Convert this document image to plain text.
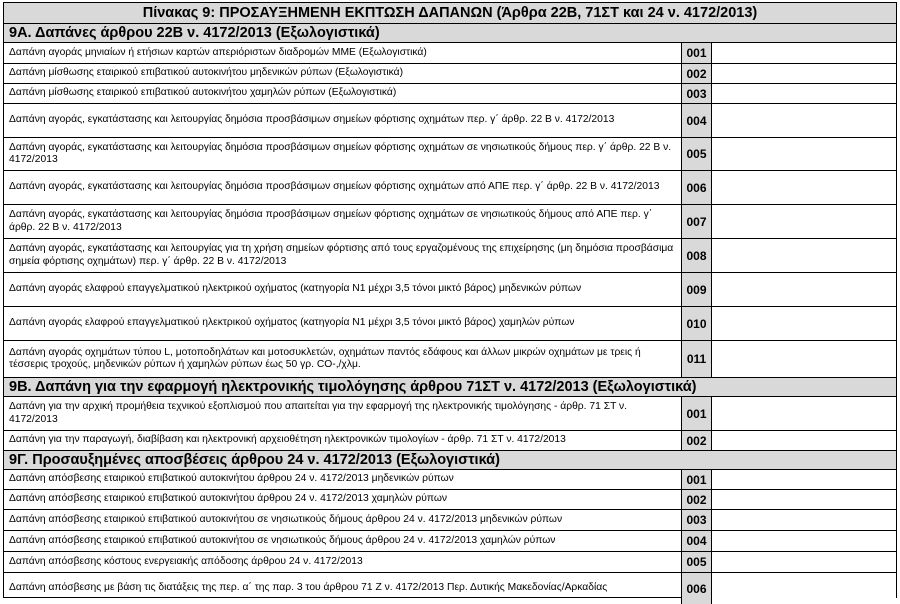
Πίνακας 9: ΠΡΟΣΑΥΞΗΜΕΝΗ ΕΚΠΤΩΣΗ ΔΑΠΑΝΩΝ (Άρθρα 22Β, 71ΣΤ και 24 ν. 4172/2013)
9Α. Δαπάνες άρθρου 22Β ν. 4172/2013 (Εξωλογιστικά)
Δαπάνη αγοράς μηνιαίων ή ετήσιων καρτών απεριόριστων διαδρομών ΜΜΕ (Εξωλογιστικά)	001
Δαπάνη μίσθωσης εταιρικού επιβατικού αυτοκινήτου μηδενικών ρύπων (Εξωλογιστικά)	002
Δαπάνη μίσθωσης εταιρικού επιβατικού αυτοκινήτου χαμηλών ρύπων (Εξωλογιστικά)	003
Δαπάνη αγοράς, εγκατάστασης και λειτουργίας δημόσια προσβάσιμων σημείων φόρτισης οχημάτων περ. γ΄ άρθρ. 22 Β ν. 4172/2013	004
Δαπάνη αγοράς, εγκατάστασης και λειτουργίας δημόσια προσβάσιμων σημείων φόρτισης οχημάτων σε νησιωτικούς δήμους περ. γ΄ άρθρ. 22 Β ν. 4172/2013	005
Δαπάνη αγοράς, εγκατάστασης και λειτουργίας δημόσια προσβάσιμων σημείων φόρτισης οχημάτων από ΑΠΕ περ. γ΄ άρθρ. 22 Β ν. 4172/2013	006
Δαπάνη αγοράς, εγκατάστασης και λειτουργίας δημόσια προσβάσιμων σημείων φόρτισης οχημάτων σε νησιωτικούς δήμους από ΑΠΕ περ. γ΄ άρθρ. 22 Β ν. 4172/2013	007
Δαπάνη αγοράς, εγκατάστασης και λειτουργίας για τη χρήση σημείων φόρτισης από τους εργαζομένους της επιχείρησης (μη δημόσια προσβάσιμα σημεία φόρτισης οχημάτων) περ. γ΄ άρθρ. 22 Β ν. 4172/2013	008
Δαπάνη αγοράς ελαφρού επαγγελματικού ηλεκτρικού οχήματος (κατηγορία Ν1 μέχρι 3,5 τόνοι μικτό βάρος) μηδενικών ρύπων	009
Δαπάνη αγοράς ελαφρού επαγγελματικού ηλεκτρικού οχήματος (κατηγορία Ν1 μέχρι 3,5 τόνοι μικτό βάρος) χαμηλών ρύπων	010
Δαπάνη αγοράς οχημάτων τύπου L, μοτοποδηλάτων και μοτοσυκλετών, οχημάτων παντός εδάφους και άλλων μικρών οχημάτων με τρεις ή τέσσερις τροχούς, μηδενικών ρύπων ή χαμηλών ρύπων έως 50 γρ. CO-,/χλμ.	011
9Β. Δαπάνη για την εφαρμογή ηλεκτρονικής τιμολόγησης άρθρου 71ΣΤ ν. 4172/2013 (Εξωλογιστικά)
Δαπάνη για την αρχική προμήθεια τεχνικού εξοπλισμού που απαιτείται για την εφαρμογή της ηλεκτρονικής τιμολόγησης - άρθρ. 71 ΣΤ ν. 4172/2013	001
Δαπάνη για την παραγωγή, διαβίβαση και ηλεκτρονική αρχειοθέτηση ηλεκτρονικών τιμολογίων - άρθρ. 71 ΣΤ ν. 4172/2013	002
9Γ. Προσαυξημένες αποσβέσεις άρθρου 24 ν. 4172/2013 (Εξωλογιστικά)
Δαπάνη απόσβεσης εταιρικού επιβατικού αυτοκινήτου άρθρου 24 ν. 4172/2013 μηδενικών ρύπων	001
Δαπάνη απόσβεσης εταιρικού επιβατικού αυτοκινήτου άρθρου 24 ν. 4172/2013 χαμηλών ρύπων	002
Δαπάνη απόσβεσης εταιρικού επιβατικού αυτοκινήτου σε νησιωτικούς δήμους άρθρου 24 ν. 4172/2013 μηδενικών ρύπων	003
Δαπάνη απόσβεσης εταιρικού επιβατικού αυτοκινήτου σε νησιωτικούς δήμους άρθρου 24 ν. 4172/2013 χαμηλών ρύπων	004
Δαπάνη απόσβεσης κόστους ενεργειακής απόδοσης άρθρου 24 ν. 4172/2013	005
Δαπάνη απόσβεσης με βάση τις διατάξεις της περ. α΄ της παρ. 3 του άρθρου 71 Ζ ν. 4172/2013 Περ. Δυτικής Μακεδονίας/Αρκαδίας	006
